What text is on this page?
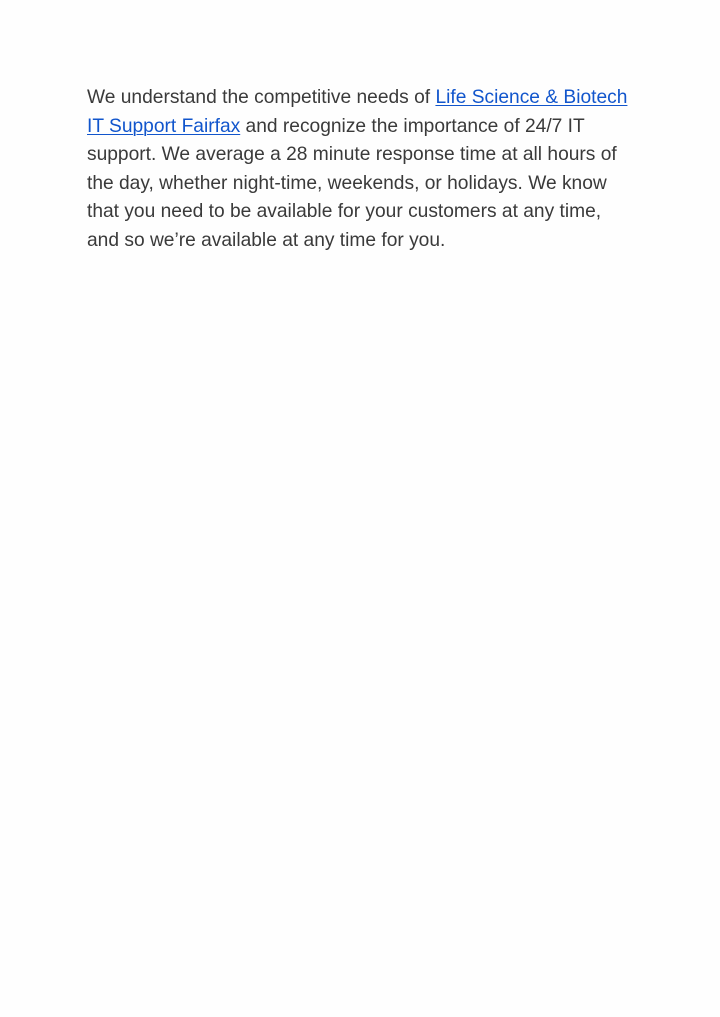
We understand the competitive needs of Life Science & Biotech IT Support Fairfax and recognize the importance of 24/7 IT support. We average a 28 minute response time at all hours of the day, whether night-time, weekends, or holidays. We know that you need to be available for your customers at any time, and so we’re available at any time for you.
